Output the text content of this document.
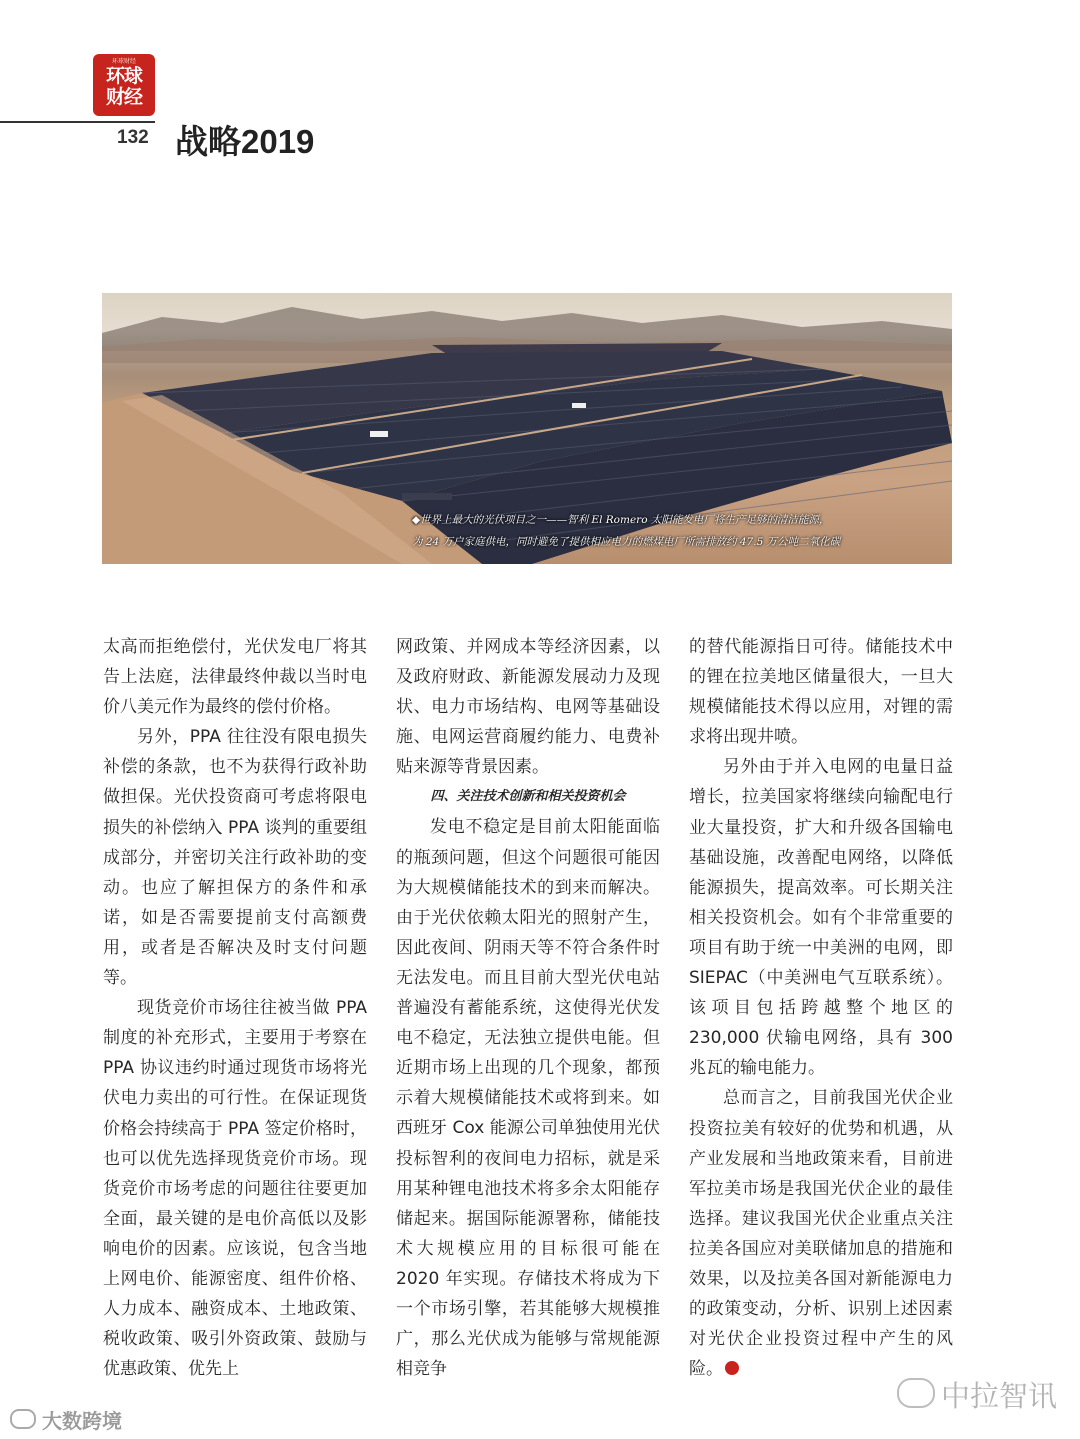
环球财经
环球
财经
132 战略2019
◆世界上最大的光伏项目之一——智利 El Romero 太阳能发电厂将生产足够的清洁能源，
为 24 万户家庭供电，同时避免了提供相应电力的燃煤电厂所需排放约 47.5 万公吨二氧化碳

太高而拒绝偿付，光伏发电厂将其告上法庭，法律最终仲裁以当时电价八美元作为最终的偿付价格。

另外，PPA 往往没有限电损失补偿的条款，也不为获得行政补助做担保。光伏投资商可考虑将限电损失的补偿纳入 PPA 谈判的重要组成部分，并密切关注行政补助的变动。也应了解担保方的条件和承诺，如是否需要提前支付高额费用，或者是否解决及时支付问题等。

现货竞价市场往往被当做 PPA 制度的补充形式，主要用于考察在 PPA 协议违约时通过现货市场将光伏电力卖出的可行性。在保证现货价格会持续高于 PPA 签定价格时，也可以优先选择现货竞价市场。现货竞价市场考虑的问题往往要更加全面，最关键的是电价高低以及影响电价的因素。应该说，包含当地上网电价、能源密度、组件价格、人力成本、融资成本、土地政策、税收政策、吸引外资政策、鼓励与优惠政策、优先上

网政策、并网成本等经济因素，以及政府财政、新能源发展动力及现状、电力市场结构、电网等基础设施、电网运营商履约能力、电费补贴来源等背景因素。

四、关注技术创新和相关投资机会

发电不稳定是目前太阳能面临的瓶颈问题，但这个问题很可能因为大规模储能技术的到来而解决。由于光伏依赖太阳光的照射产生，因此夜间、阴雨天等不符合条件时无法发电。而且目前大型光伏电站普遍没有蓄能系统，这使得光伏发电不稳定，无法独立提供电能。但近期市场上出现的几个现象，都预示着大规模储能技术或将到来。如西班牙 Cox 能源公司单独使用光伏投标智利的夜间电力招标，就是采用某种锂电池技术将多余太阳能存储起来。据国际能源署称，储能技术大规模应用的目标很可能在 2020 年实现。存储技术将成为下一个市场引擎，若其能够大规模推广，那么光伏成为能够与常规能源相竞争

的替代能源指日可待。储能技术中的锂在拉美地区储量很大，一旦大规模储能技术得以应用，对锂的需求将出现井喷。

另外由于并入电网的电量日益增长，拉美国家将继续向输配电行业大量投资，扩大和升级各国输电基础设施，改善配电网络，以降低能源损失，提高效率。可长期关注相关投资机会。如有个非常重要的项目有助于统一中美洲的电网，即 SIEPAC（中美洲电气互联系统）。该项目包括跨越整个地区的 230,000 伏输电网络，具有 300 兆瓦的输电能力。

总而言之，目前我国光伏企业投资拉美有较好的优势和机遇，从产业发展和当地政策来看，目前进军拉美市场是我国光伏企业的最佳选择。建议我国光伏企业重点关注拉美各国应对美联储加息的措施和效果，以及拉美各国对新能源电力的政策变动，分析、识别上述因素对光伏企业投资过程中产生的风险。

大数跨境
中拉智讯
